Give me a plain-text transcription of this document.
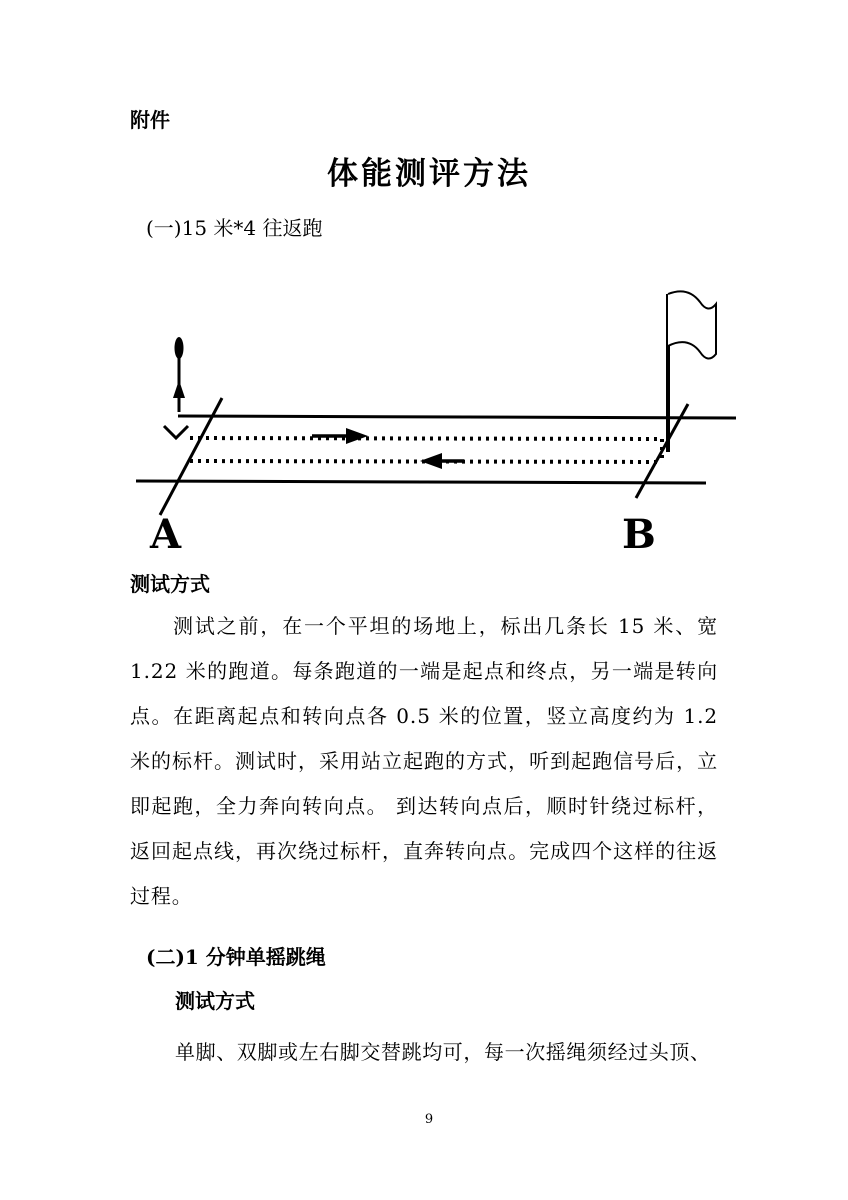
附件
体能测评方法
(一)15 米*4 往返跑
A	B
测试方式

测试之前，在一个平坦的场地上，标出几条长 15 米、宽 1.22 米的跑道。每条跑道的一端是起点和终点，另一端是转向点。在距离起点和转向点各 0.5 米的位置，竖立高度约为 1.2 米的标杆。测试时，采用站立起跑的方式，听到起跑信号后，立即起跑，全力奔向转向点。 到达转向点后，顺时针绕过标杆，返回起点线，再次绕过标杆，直奔转向点。完成四个这样的往返过程。

(二)1 分钟单摇跳绳
测试方式
单脚、双脚或左右脚交替跳均可，每一次摇绳须经过头顶、
9
